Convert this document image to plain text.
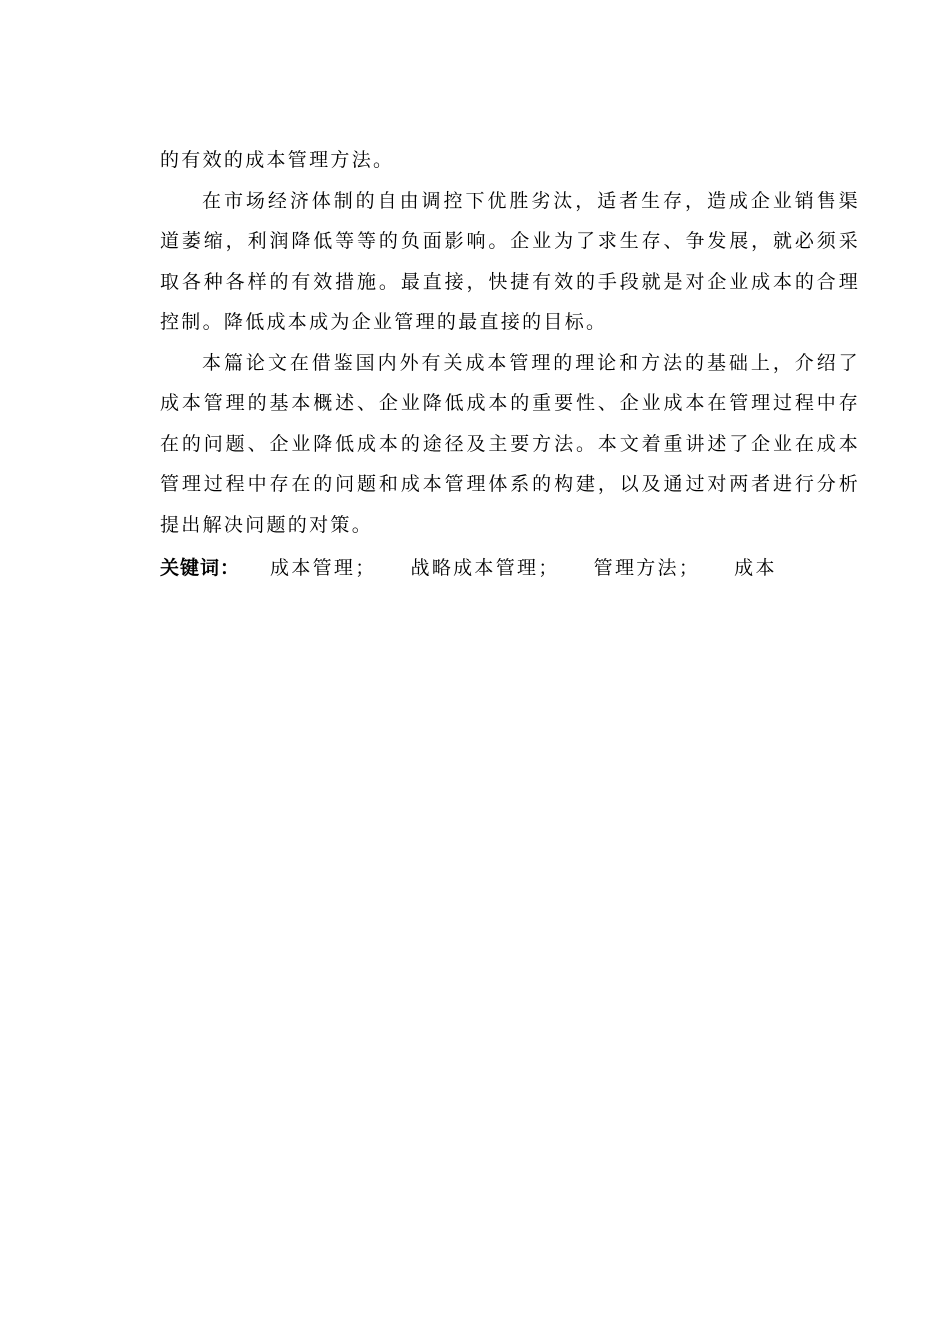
的有效的成本管理方法。

在市场经济体制的自由调控下优胜劣汰，适者生存，造成企业销售渠道萎缩，利润降低等等的负面影响。企业为了求生存、争发展，就必须采取各种各样的有效措施。最直接，快捷有效的手段就是对企业成本的合理控制。降低成本成为企业管理的最直接的目标。

本篇论文在借鉴国内外有关成本管理的理论和方法的基础上，介绍了成本管理的基本概述、企业降低成本的重要性、企业成本在管理过程中存在的问题、企业降低成本的途径及主要方法。本文着重讲述了企业在成本管理过程中存在的问题和成本管理体系的构建，以及通过对两者进行分析提出解决问题的对策。

关键词： 成本管理； 战略成本管理； 管理方法； 成本
